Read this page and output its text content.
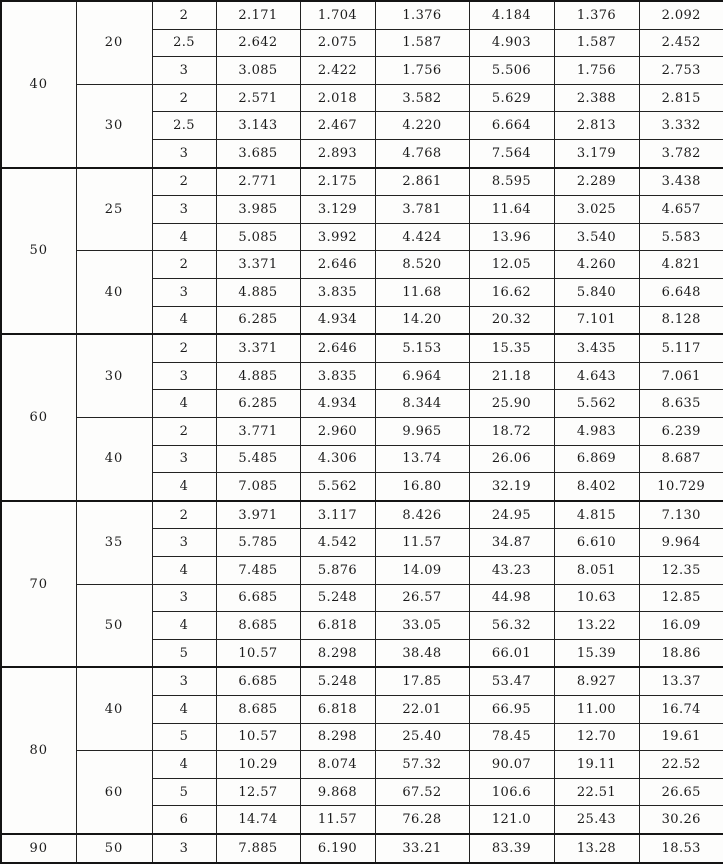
40	20	2	2.171	1.704	1.376	4.184	1.376	2.092
		2.5	2.642	2.075	1.587	4.903	1.587	2.452
		3	3.085	2.422	1.756	5.506	1.756	2.753
	30	2	2.571	2.018	3.582	5.629	2.388	2.815
		2.5	3.143	2.467	4.220	6.664	2.813	3.332
		3	3.685	2.893	4.768	7.564	3.179	3.782
50	25	2	2.771	2.175	2.861	8.595	2.289	3.438
		3	3.985	3.129	3.781	11.64	3.025	4.657
		4	5.085	3.992	4.424	13.96	3.540	5.583
	40	2	3.371	2.646	8.520	12.05	4.260	4.821
		3	4.885	3.835	11.68	16.62	5.840	6.648
		4	6.285	4.934	14.20	20.32	7.101	8.128
60	30	2	3.371	2.646	5.153	15.35	3.435	5.117
		3	4.885	3.835	6.964	21.18	4.643	7.061
		4	6.285	4.934	8.344	25.90	5.562	8.635
	40	2	3.771	2.960	9.965	18.72	4.983	6.239
		3	5.485	4.306	13.74	26.06	6.869	8.687
		4	7.085	5.562	16.80	32.19	8.402	10.729
70	35	2	3.971	3.117	8.426	24.95	4.815	7.130
		3	5.785	4.542	11.57	34.87	6.610	9.964
		4	7.485	5.876	14.09	43.23	8.051	12.35
	50	3	6.685	5.248	26.57	44.98	10.63	12.85
		4	8.685	6.818	33.05	56.32	13.22	16.09
		5	10.57	8.298	38.48	66.01	15.39	18.86
80	40	3	6.685	5.248	17.85	53.47	8.927	13.37
		4	8.685	6.818	22.01	66.95	11.00	16.74
		5	10.57	8.298	25.40	78.45	12.70	19.61
	60	4	10.29	8.074	57.32	90.07	19.11	22.52
		5	12.57	9.868	67.52	106.6	22.51	26.65
		6	14.74	11.57	76.28	121.0	25.43	30.26
90	50	3	7.885	6.190	33.21	83.39	13.28	18.53
